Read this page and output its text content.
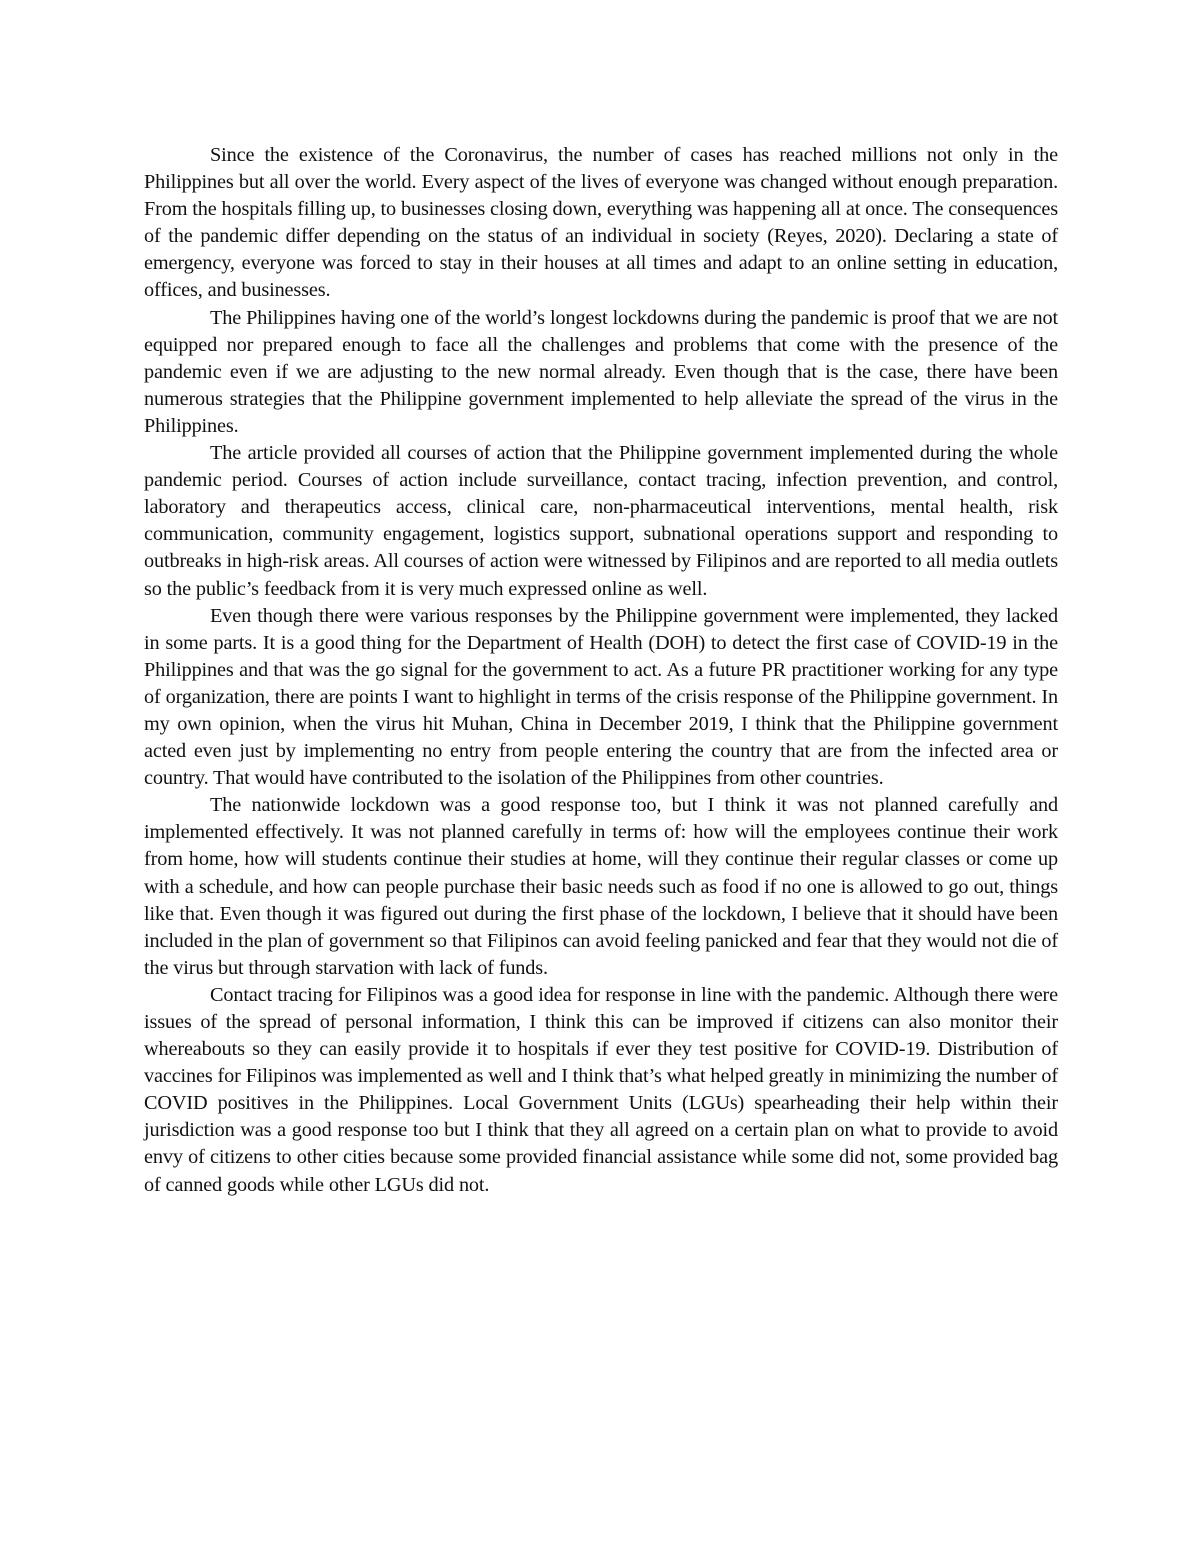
Since the existence of the Coronavirus, the number of cases has reached millions not only in the Philippines but all over the world. Every aspect of the lives of everyone was changed without enough preparation. From the hospitals filling up, to businesses closing down, everything was happening all at once. The consequences of the pandemic differ depending on the status of an individual in society (Reyes, 2020). Declaring a state of emergency, everyone was forced to stay in their houses at all times and adapt to an online setting in education, offices, and businesses.

The Philippines having one of the world’s longest lockdowns during the pandemic is proof that we are not equipped nor prepared enough to face all the challenges and problems that come with the presence of the pandemic even if we are adjusting to the new normal already. Even though that is the case, there have been numerous strategies that the Philippine government implemented to help alleviate the spread of the virus in the Philippines.

The article provided all courses of action that the Philippine government implemented during the whole pandemic period. Courses of action include surveillance, contact tracing, infection prevention, and control, laboratory and therapeutics access, clinical care, non-pharmaceutical interventions, mental health, risk communication, community engagement, logistics support, subnational operations support and responding to outbreaks in high-risk areas. All courses of action were witnessed by Filipinos and are reported to all media outlets so the public’s feedback from it is very much expressed online as well.

Even though there were various responses by the Philippine government were implemented, they lacked in some parts. It is a good thing for the Department of Health (DOH) to detect the first case of COVID-19 in the Philippines and that was the go signal for the government to act. As a future PR practitioner working for any type of organization, there are points I want to highlight in terms of the crisis response of the Philippine government. In my own opinion, when the virus hit Muhan, China in December 2019, I think that the Philippine government acted even just by implementing no entry from people entering the country that are from the infected area or country. That would have contributed to the isolation of the Philippines from other countries.

The nationwide lockdown was a good response too, but I think it was not planned carefully and implemented effectively. It was not planned carefully in terms of: how will the employees continue their work from home, how will students continue their studies at home, will they continue their regular classes or come up with a schedule, and how can people purchase their basic needs such as food if no one is allowed to go out, things like that. Even though it was figured out during the first phase of the lockdown, I believe that it should have been included in the plan of government so that Filipinos can avoid feeling panicked and fear that they would not die of the virus but through starvation with lack of funds.

Contact tracing for Filipinos was a good idea for response in line with the pandemic. Although there were issues of the spread of personal information, I think this can be improved if citizens can also monitor their whereabouts so they can easily provide it to hospitals if ever they test positive for COVID-19. Distribution of vaccines for Filipinos was implemented as well and I think that’s what helped greatly in minimizing the number of COVID positives in the Philippines. Local Government Units (LGUs) spearheading their help within their jurisdiction was a good response too but I think that they all agreed on a certain plan on what to provide to avoid envy of citizens to other cities because some provided financial assistance while some did not, some provided bag of canned goods while other LGUs did not.
